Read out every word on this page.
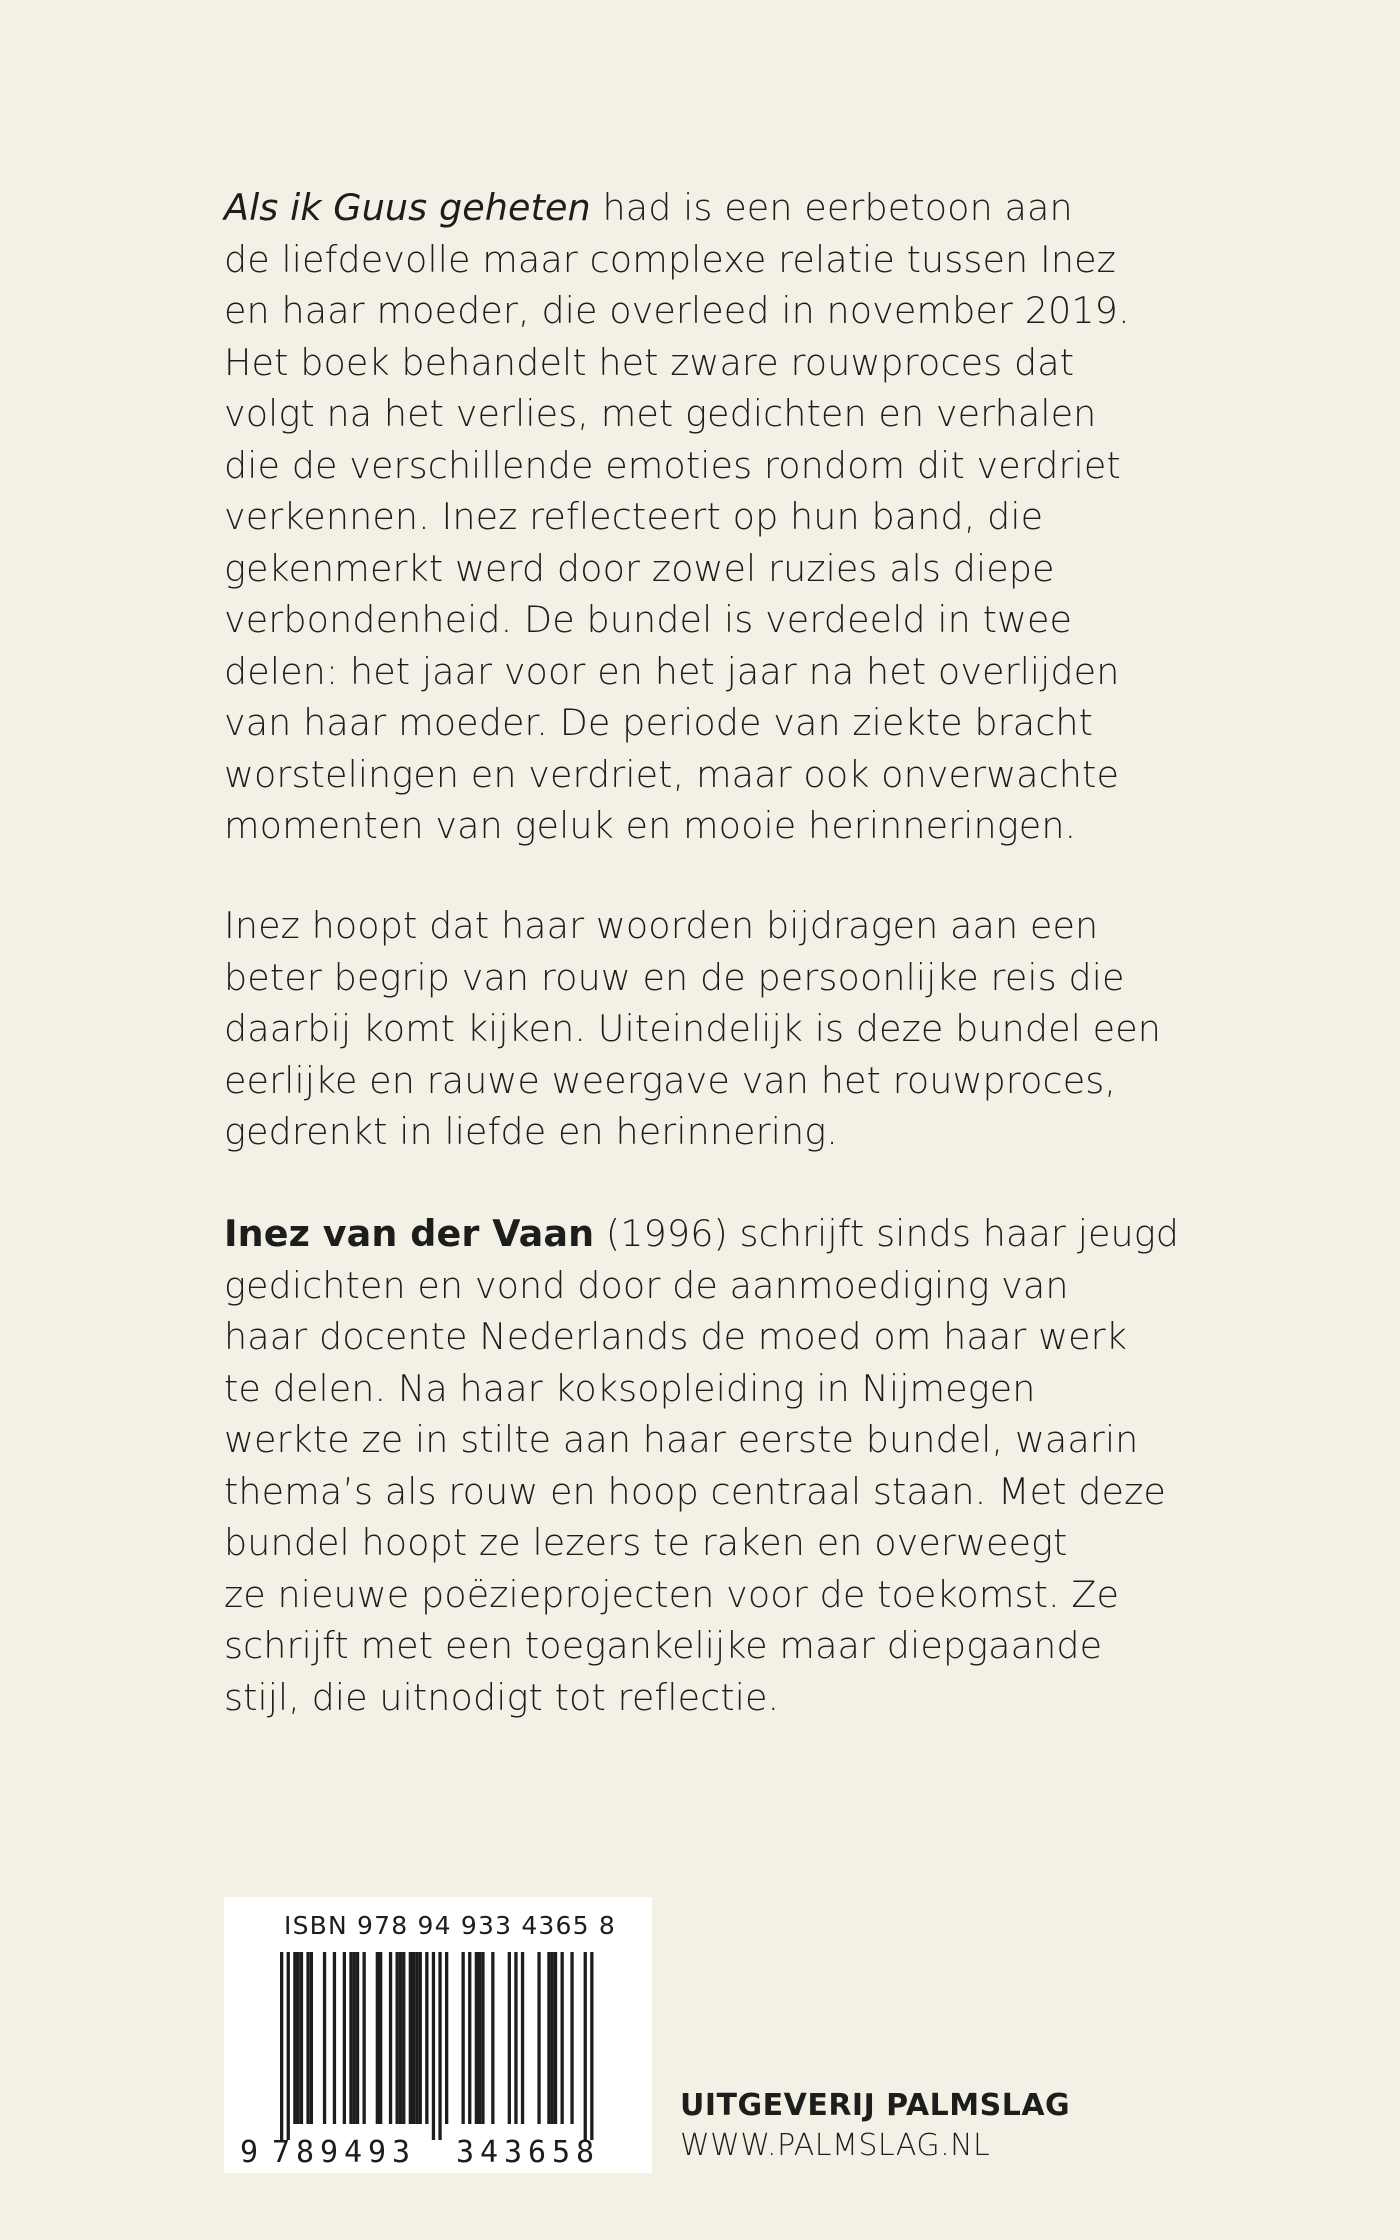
Als ik Guus geheten had is een eerbetoon aan
de liefdevolle maar complexe relatie tussen Inez
en haar moeder, die overleed in november 2019.
Het boek behandelt het zware rouwproces dat
volgt na het verlies, met gedichten en verhalen
die de verschillende emoties rondom dit verdriet
verkennen. Inez reflecteert op hun band, die
gekenmerkt werd door zowel ruzies als diepe
verbondenheid. De bundel is verdeeld in twee
delen: het jaar voor en het jaar na het overlijden
van haar moeder. De periode van ziekte bracht
worstelingen en verdriet, maar ook onverwachte
momenten van geluk en mooie herinneringen.

Inez hoopt dat haar woorden bijdragen aan een
beter begrip van rouw en de persoonlijke reis die
daarbij komt kijken. Uiteindelijk is deze bundel een
eerlijke en rauwe weergave van het rouwproces,
gedrenkt in liefde en herinnering.

Inez van der Vaan (1996) schrijft sinds haar jeugd
gedichten en vond door de aanmoediging van
haar docente Nederlands de moed om haar werk
te delen. Na haar koksopleiding in Nijmegen
werkte ze in stilte aan haar eerste bundel, waarin
thema’s als rouw en hoop centraal staan. Met deze
bundel hoopt ze lezers te raken en overweegt
ze nieuwe poëzieprojecten voor de toekomst. Ze
schrijft met een toegankelijke maar diepgaande
stijl, die uitnodigt tot reflectie.

ISBN 978 94 933 4365 8
9 789493 343658
UITGEVERIJ PALMSLAG
WWW.PALMSLAG.NL
